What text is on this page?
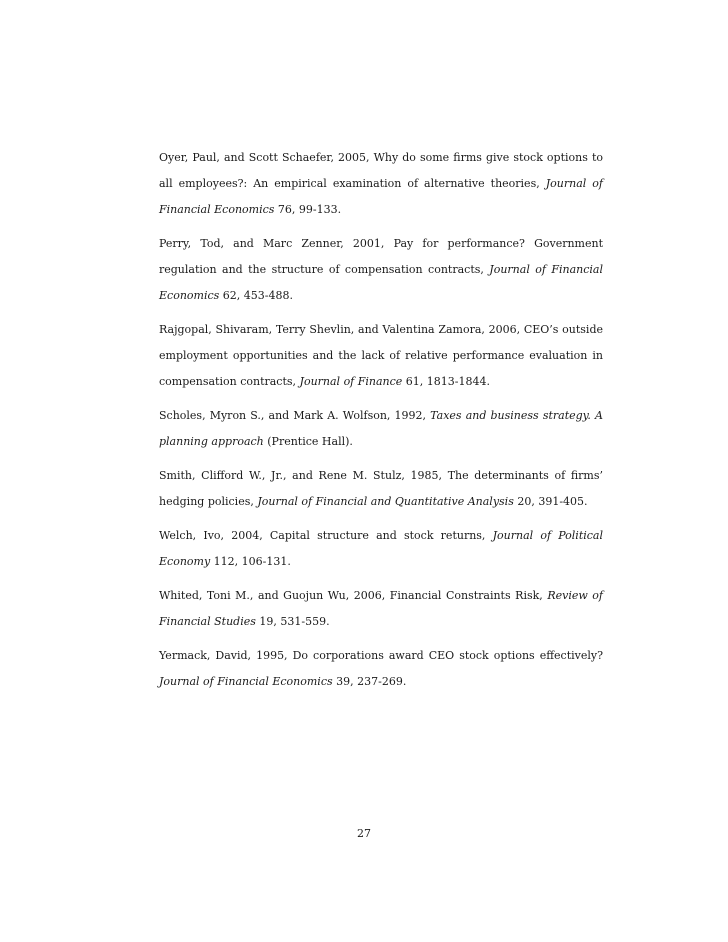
Oyer, Paul, and Scott Schaefer, 2005, Why do some firms give stock options to all employees?: An empirical examination of alternative theories, Journal of Financial Economics 76, 99-133.

Perry, Tod, and Marc Zenner, 2001, Pay for performance? Government regulation and the structure of compensation contracts, Journal of Financial Economics 62, 453-488.

Rajgopal, Shivaram, Terry Shevlin, and Valentina Zamora, 2006, CEO’s outside employment opportunities and the lack of relative performance evaluation in compensation contracts, Journal of Finance 61, 1813-1844.

Scholes, Myron S., and Mark A. Wolfson, 1992, Taxes and business strategy. A planning approach (Prentice Hall).

Smith, Clifford W., Jr., and Rene M. Stulz, 1985, The determinants of firms’ hedging policies, Journal of Financial and Quantitative Analysis 20, 391-405.

Welch, Ivo, 2004, Capital structure and stock returns, Journal of Political Economy 112, 106-131.

Whited, Toni M., and Guojun Wu, 2006, Financial Constraints Risk, Review of Financial Studies 19, 531-559.

Yermack, David, 1995, Do corporations award CEO stock options effectively? Journal of Financial Economics 39, 237-269.

27
